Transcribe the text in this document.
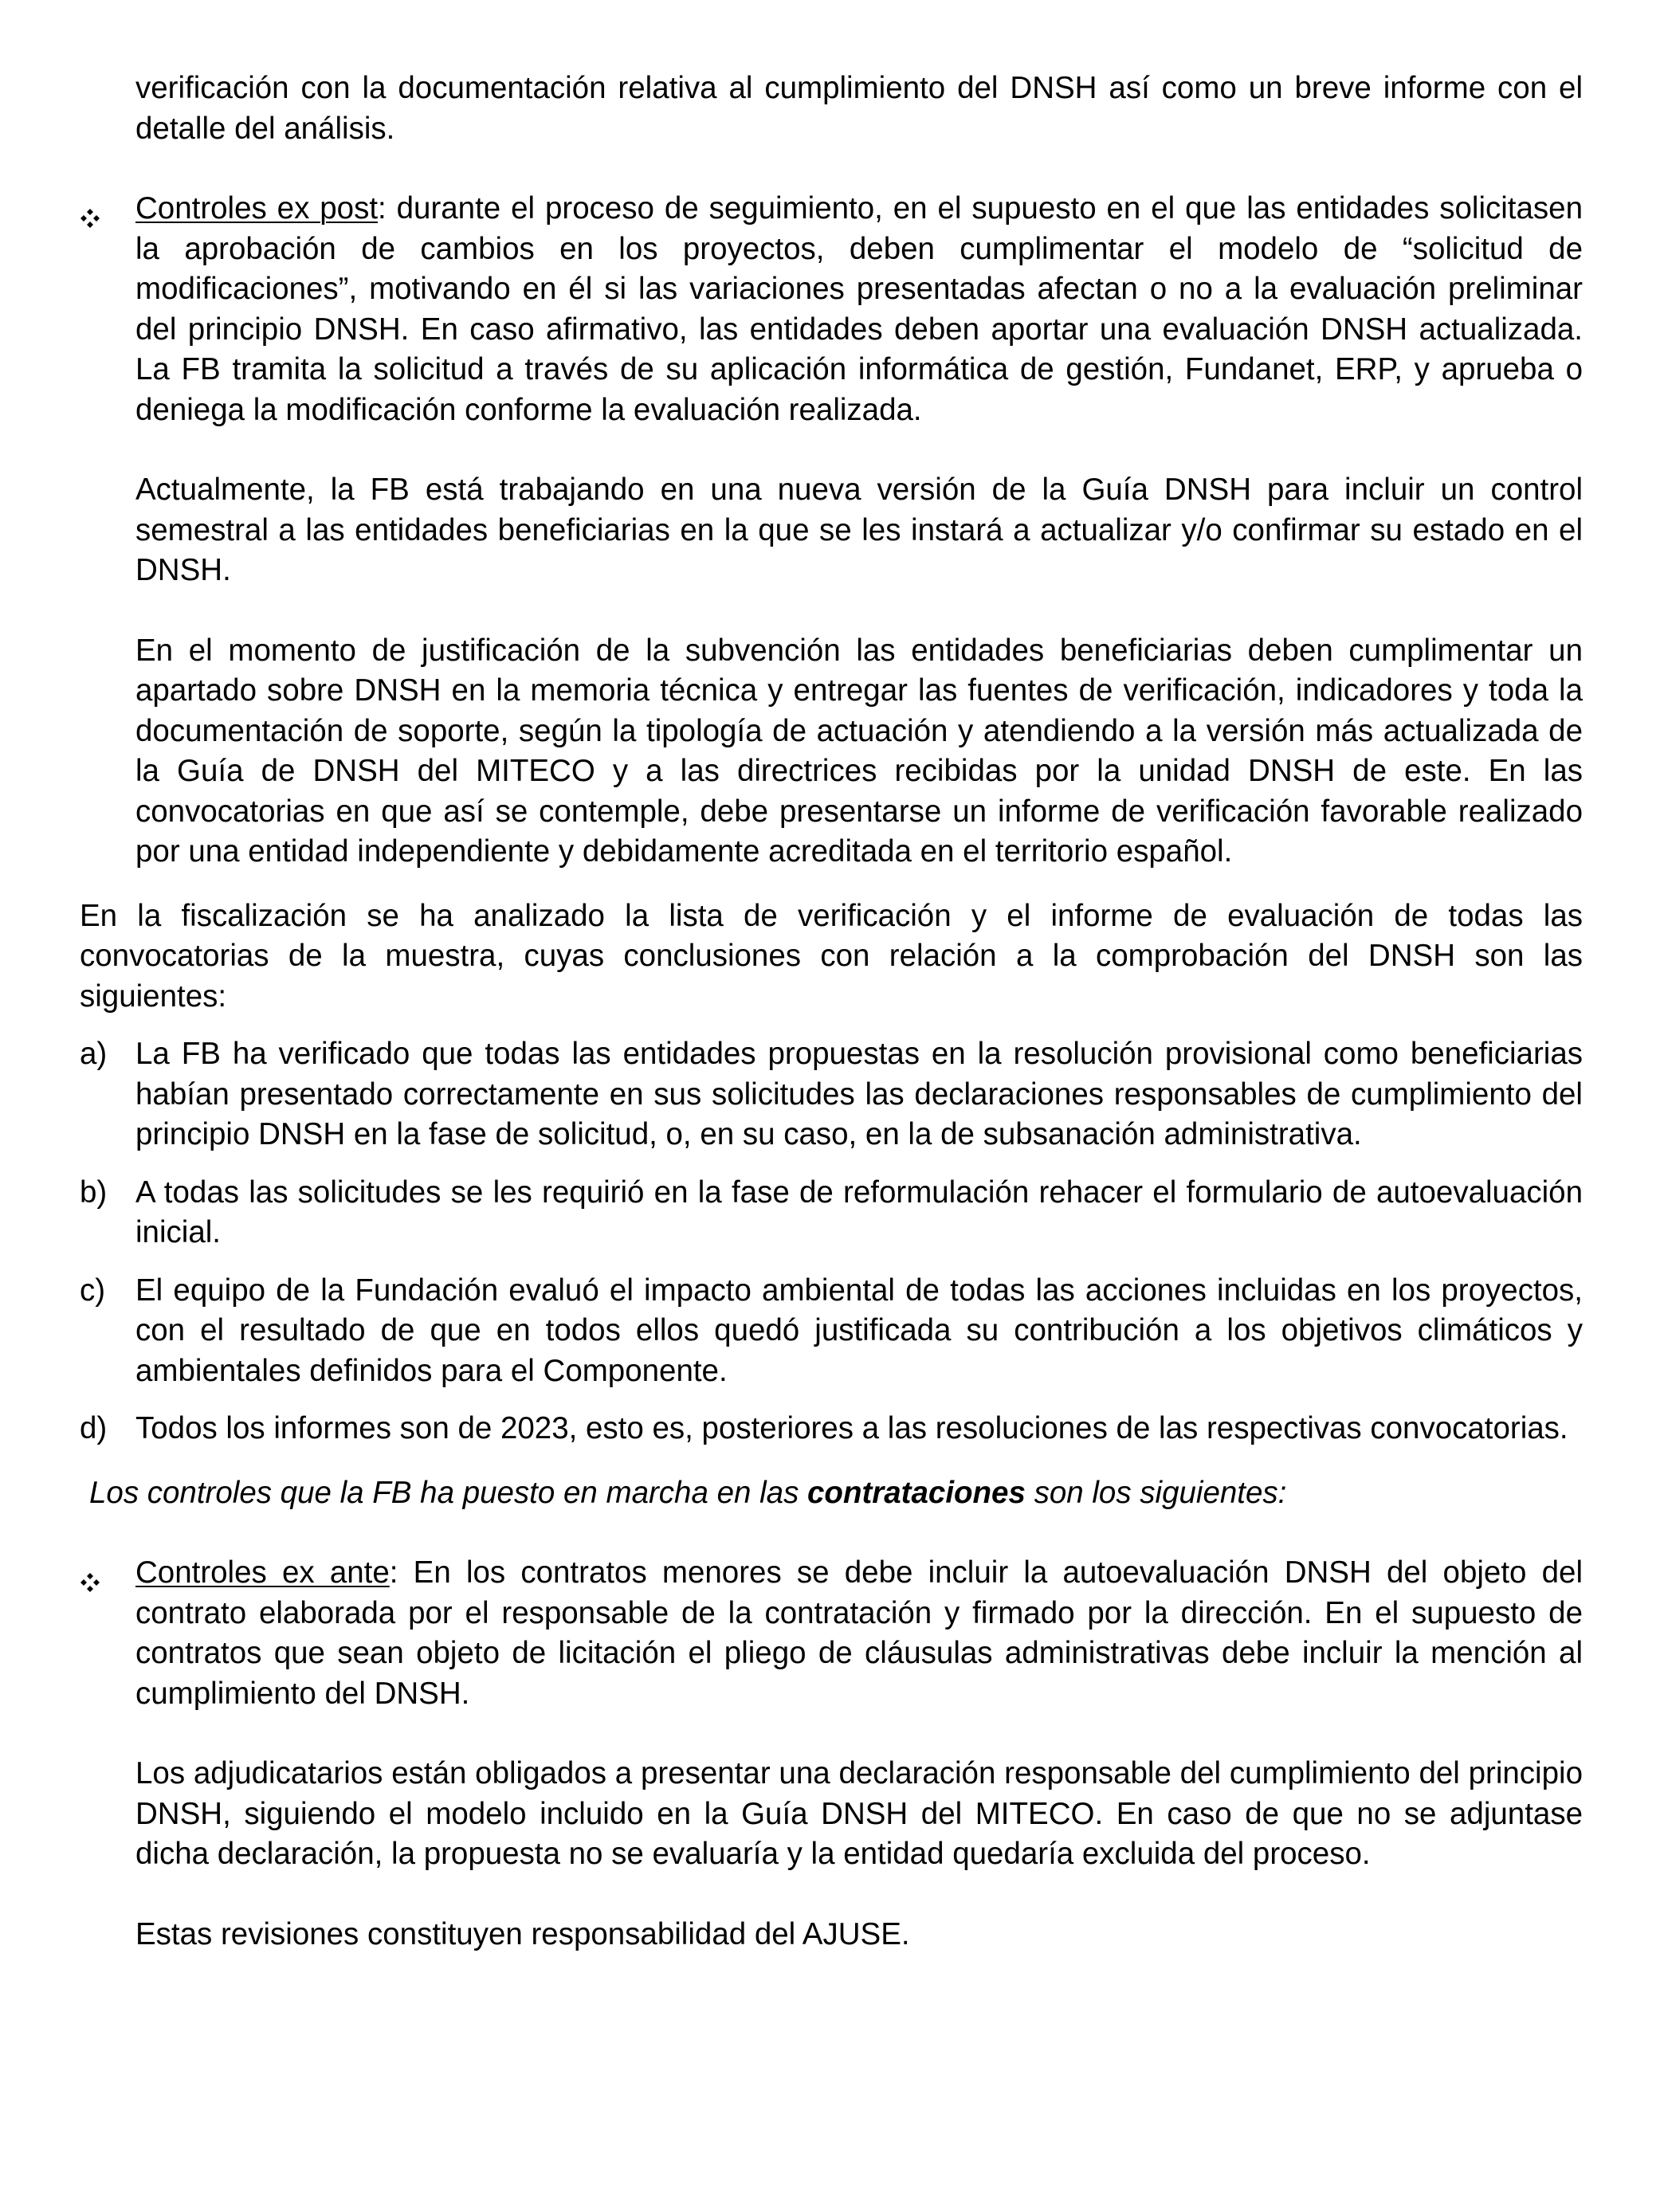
verificación con la documentación relativa al cumplimiento del DNSH así como un breve informe con el detalle del análisis.

Controles ex post: durante el proceso de seguimiento, en el supuesto en el que las entidades solicitasen la aprobación de cambios en los proyectos, deben cumplimentar el modelo de “solicitud de modificaciones”, motivando en él si las variaciones presentadas afectan o no a la evaluación preliminar del principio DNSH. En caso afirmativo, las entidades deben aportar una evaluación DNSH actualizada. La FB tramita la solicitud a través de su aplicación informática de gestión, Fundanet, ERP, y aprueba o deniega la modificación conforme la evaluación realizada.

Actualmente, la FB está trabajando en una nueva versión de la Guía DNSH para incluir un control semestral a las entidades beneficiarias en la que se les instará a actualizar y/o confirmar su estado en el DNSH.

En el momento de justificación de la subvención las entidades beneficiarias deben cumplimentar un apartado sobre DNSH en la memoria técnica y entregar las fuentes de verificación, indicadores y toda la documentación de soporte, según la tipología de actuación y atendiendo a la versión más actualizada de la Guía de DNSH del MITECO y a las directrices recibidas por la unidad DNSH de este. En las convocatorias en que así se contemple, debe presentarse un informe de verificación favorable realizado por una entidad independiente y debidamente acreditada en el territorio español.

En la fiscalización se ha analizado la lista de verificación y el informe de evaluación de todas las convocatorias de la muestra, cuyas conclusiones con relación a la comprobación del DNSH son las siguientes:

a) La FB ha verificado que todas las entidades propuestas en la resolución provisional como beneficiarias habían presentado correctamente en sus solicitudes las declaraciones responsables de cumplimiento del principio DNSH en la fase de solicitud, o, en su caso, en la de subsanación administrativa.

b) A todas las solicitudes se les requirió en la fase de reformulación rehacer el formulario de autoevaluación inicial.

c) El equipo de la Fundación evaluó el impacto ambiental de todas las acciones incluidas en los proyectos, con el resultado de que en todos ellos quedó justificada su contribución a los objetivos climáticos y ambientales definidos para el Componente.

d) Todos los informes son de 2023, esto es, posteriores a las resoluciones de las respectivas convocatorias.

Los controles que la FB ha puesto en marcha en las contrataciones son los siguientes:

Controles ex ante: En los contratos menores se debe incluir la autoevaluación DNSH del objeto del contrato elaborada por el responsable de la contratación y firmado por la dirección. En el supuesto de contratos que sean objeto de licitación el pliego de cláusulas administrativas debe incluir la mención al cumplimiento del DNSH.

Los adjudicatarios están obligados a presentar una declaración responsable del cumplimiento del principio DNSH, siguiendo el modelo incluido en la Guía DNSH del MITECO. En caso de que no se adjuntase dicha declaración, la propuesta no se evaluaría y la entidad quedaría excluida del proceso.

Estas revisiones constituyen responsabilidad del AJUSE.
